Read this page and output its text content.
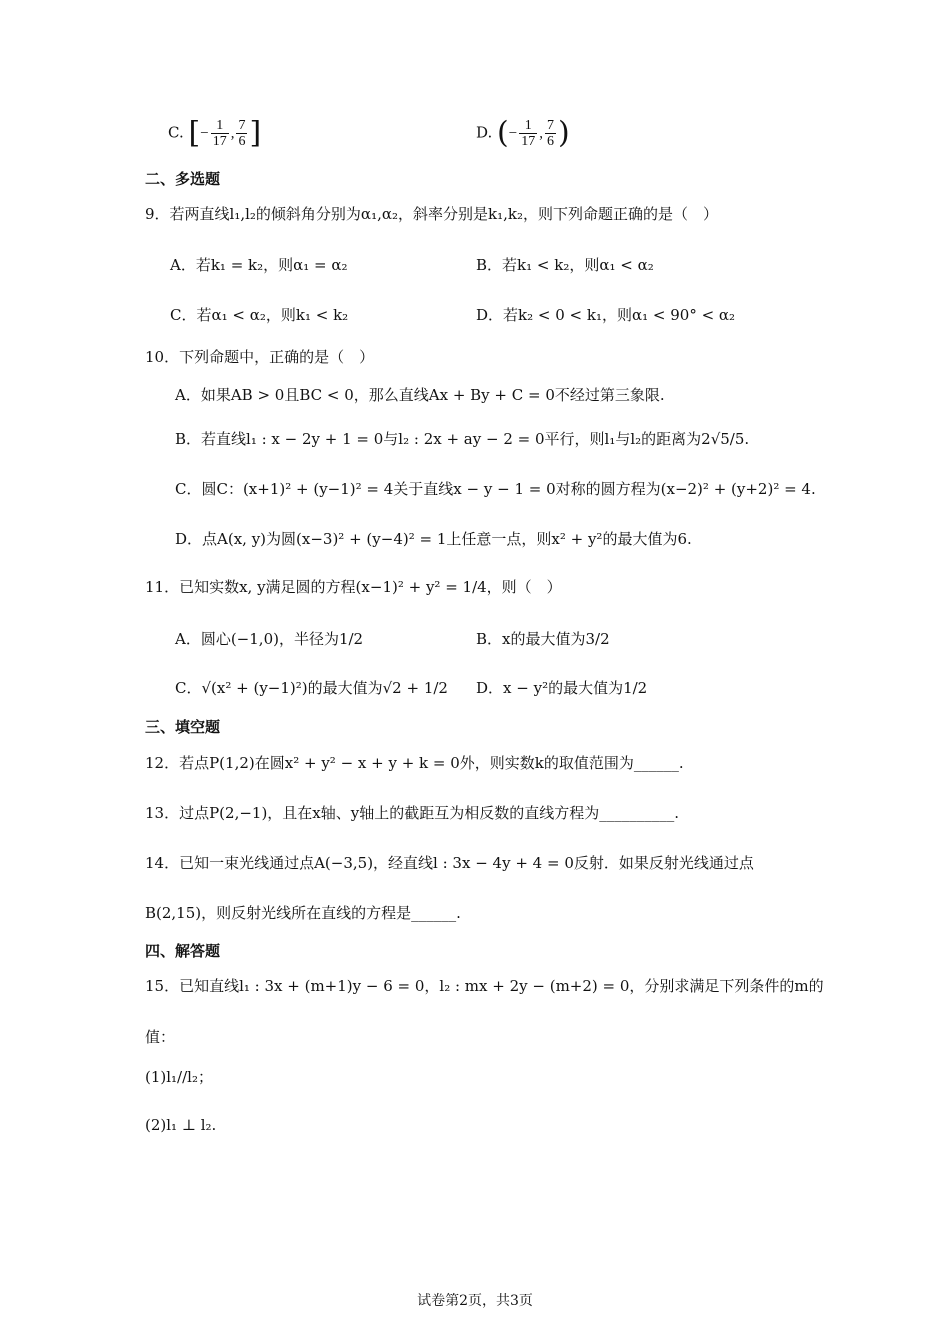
C. [− $\frac{1}{17}$ , $\frac{7}{6}$ ]	D. (− $\frac{1}{17}$ , $\frac{7}{6}$ )
二、多选题
9．若两直线l₁,l₂的倾斜角分别为α₁,α₂，斜率分别是k₁,k₂，则下列命题正确的是（　）
A．若k₁ = k₂，则α₁ = α₂	B．若k₁ < k₂，则α₁ < α₂
C．若α₁ < α₂，则k₁ < k₂	D．若k₂ < 0 < k₁，则α₁ < 90° < α₂
10．下列命题中，正确的是（　）
A．如果AB > 0且BC < 0，那么直线Ax + By + C = 0不经过第三象限.
B．若直线l₁ : x − 2y + 1 = 0与l₂ : 2x + ay − 2 = 0平行，则l₁与l₂的距离为2√5/5.
C．圆C：(x+1)² + (y−1)² = 4关于直线x − y − 1 = 0对称的圆方程为(x−2)² + (y+2)² = 4.
D．点A(x, y)为圆(x−3)² + (y−4)² = 1上任意一点，则x² + y²的最大值为6.
11．已知实数x, y满足圆的方程(x−1)² + y² = 1/4，则（　）
A．圆心(−1,0)，半径为1/2	B．x的最大值为3/2
C．√(x² + (y−1)²)的最大值为√2 + 1/2 D．x − y²的最大值为1/2
三、填空题
12．若点P(1,2)在圆x² + y² − x + y + k = 0外，则实数k的取值范围为______.
13．过点P(2,−1)，且在x轴、y轴上的截距互为相反数的直线方程为__________.
14．已知一束光线通过点A(−3,5)，经直线l : 3x − 4y + 4 = 0反射．如果反射光线通过点
B(2,15)，则反射光线所在直线的方程是______.
四、解答题
15．已知直线l₁ : 3x + (m+1)y − 6 = 0，l₂ : mx + 2y − (m+2) = 0，分别求满足下列条件的m的
值：
(1)l₁//l₂；
(2)l₁ ⊥ l₂.
试卷第2页，共3页
